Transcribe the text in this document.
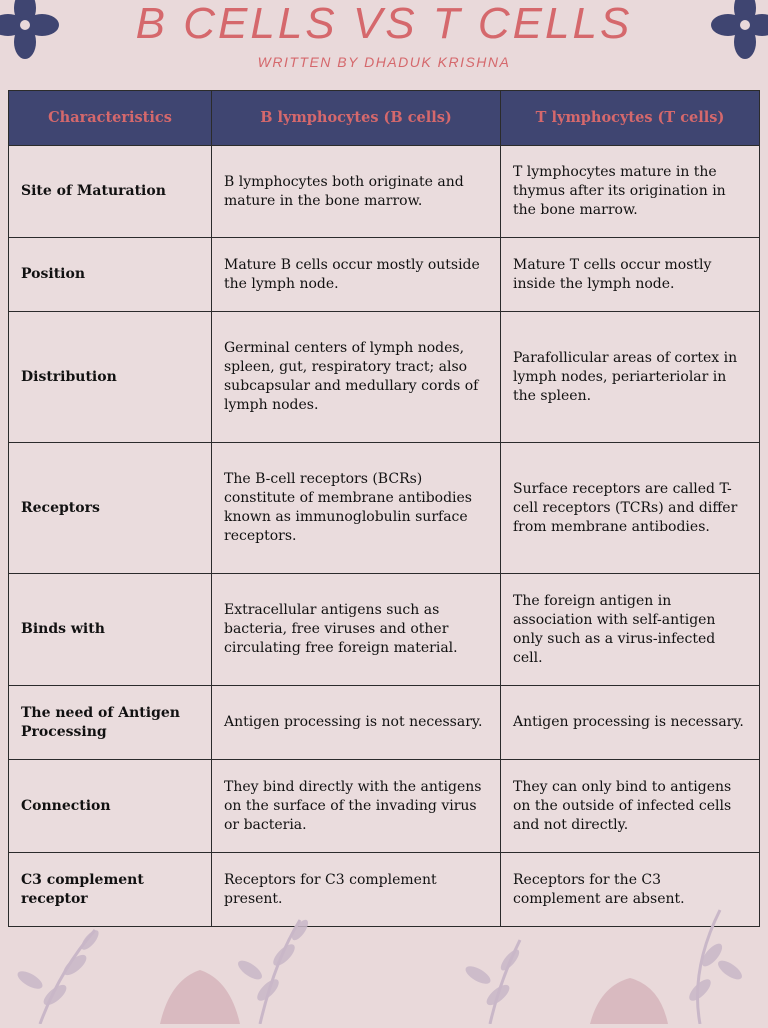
B CELLS VS T CELLS
WRITTEN BY DHADUK KRISHNA
Characteristics	B lymphocytes (B cells)	T lymphocytes (T cells)
Site of Maturation	B lymphocytes both originate and mature in the bone marrow.	T lymphocytes mature in the thymus after its origination in the bone marrow.
Position	Mature B cells occur mostly outside the lymph node.	Mature T cells occur mostly inside the lymph node.
Distribution	Germinal centers of lymph nodes, spleen, gut, respiratory tract; also subcapsular and medullary cords of lymph nodes.	Parafollicular areas of cortex in lymph nodes, periarteriolar in the spleen.
Receptors	The B-cell receptors (BCRs) constitute of membrane antibodies known as immunoglobulin surface receptors.	Surface receptors are called T-cell receptors (TCRs) and differ from membrane antibodies.
Binds with	Extracellular antigens such as bacteria, free viruses and other circulating free foreign material.	The foreign antigen in association with self-antigen only such as a virus-infected cell.
The need of Antigen Processing	Antigen processing is not necessary.	Antigen processing is necessary.
Connection	They bind directly with the antigens on the surface of the invading virus or bacteria.	They can only bind to antigens on the outside of infected cells and not directly.
C3 complement receptor	Receptors for C3 complement present.	Receptors for the C3 complement are absent.
